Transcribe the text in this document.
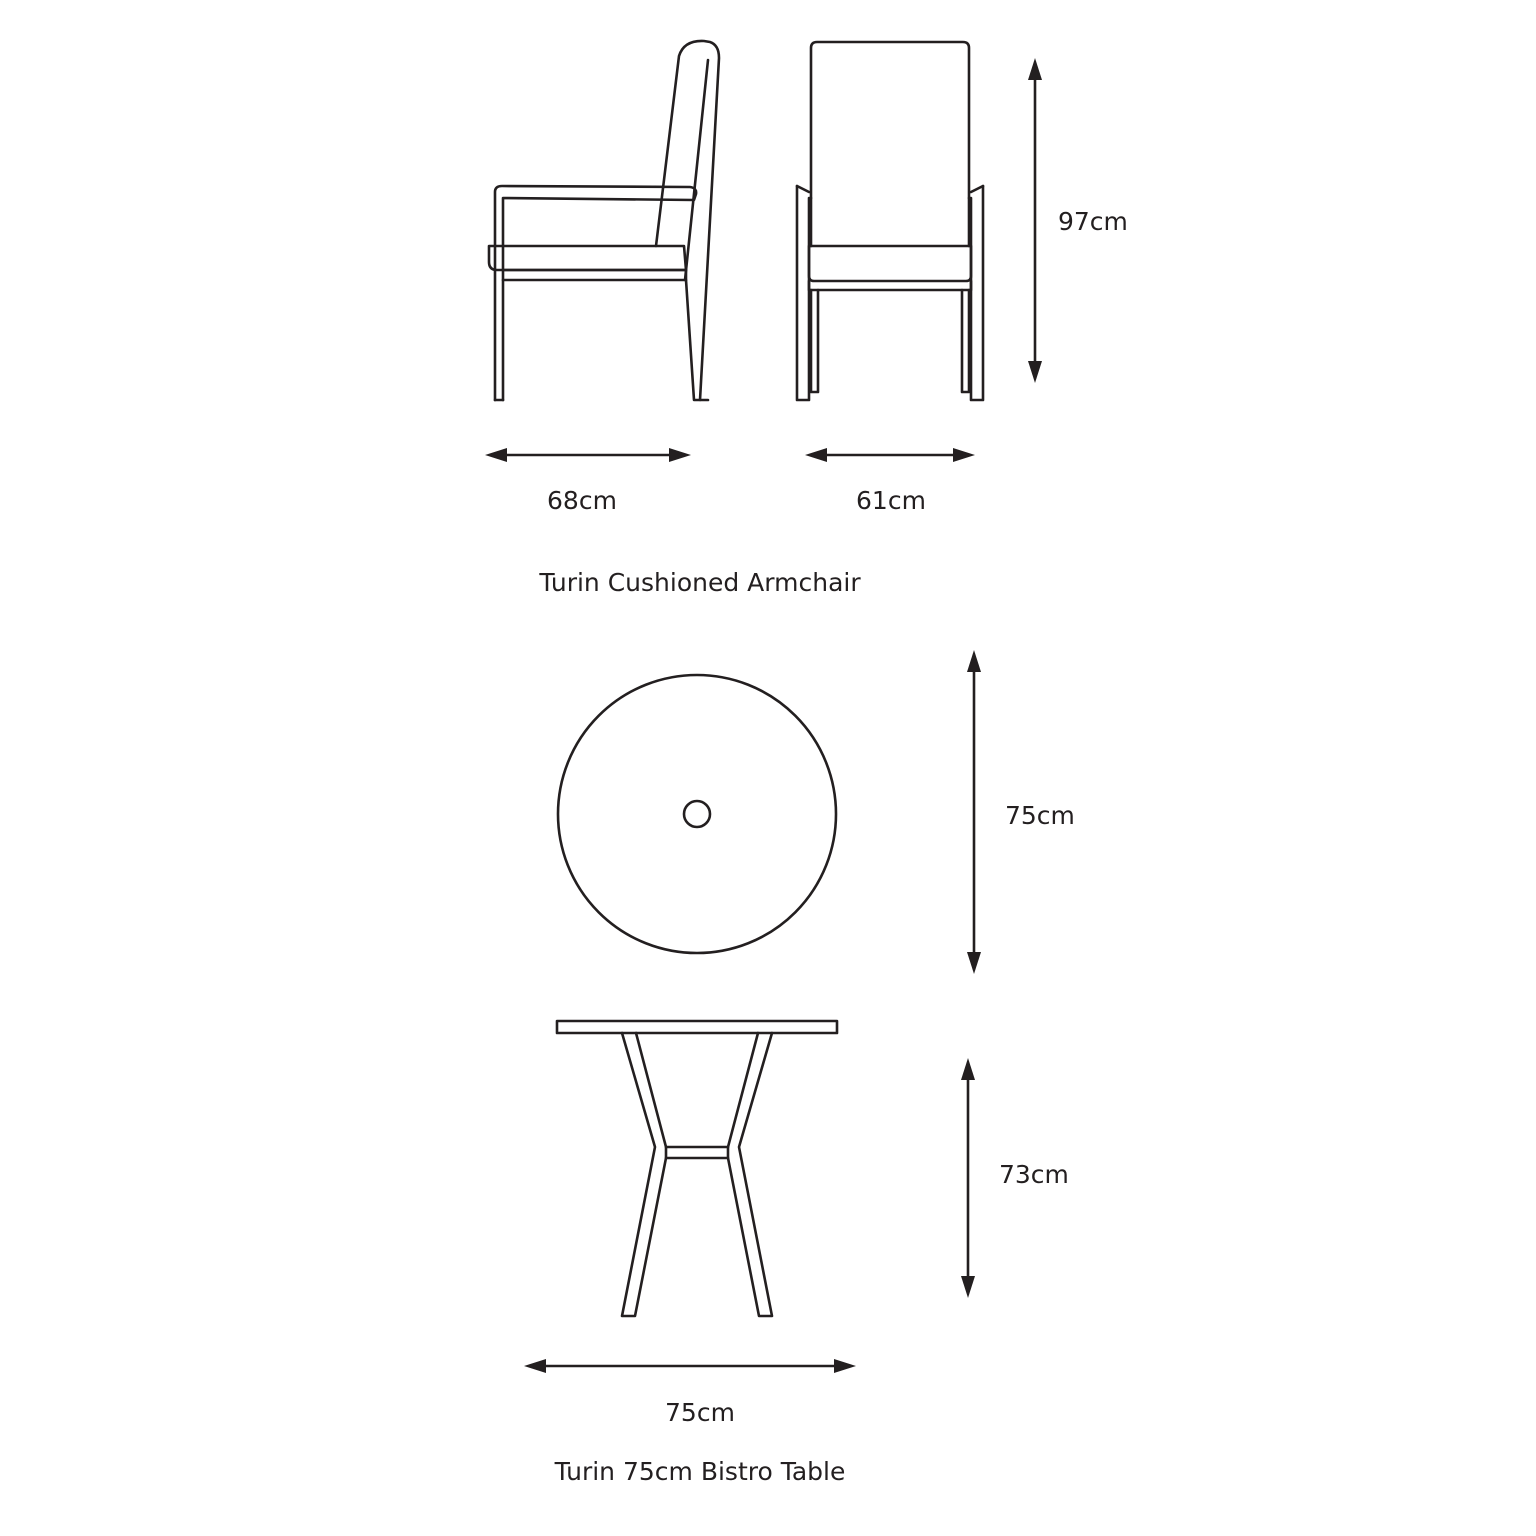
97cm
68cm	61cm
Turin Cushioned Armchair
75cm
73cm
75cm
Turin 75cm Bistro Table
